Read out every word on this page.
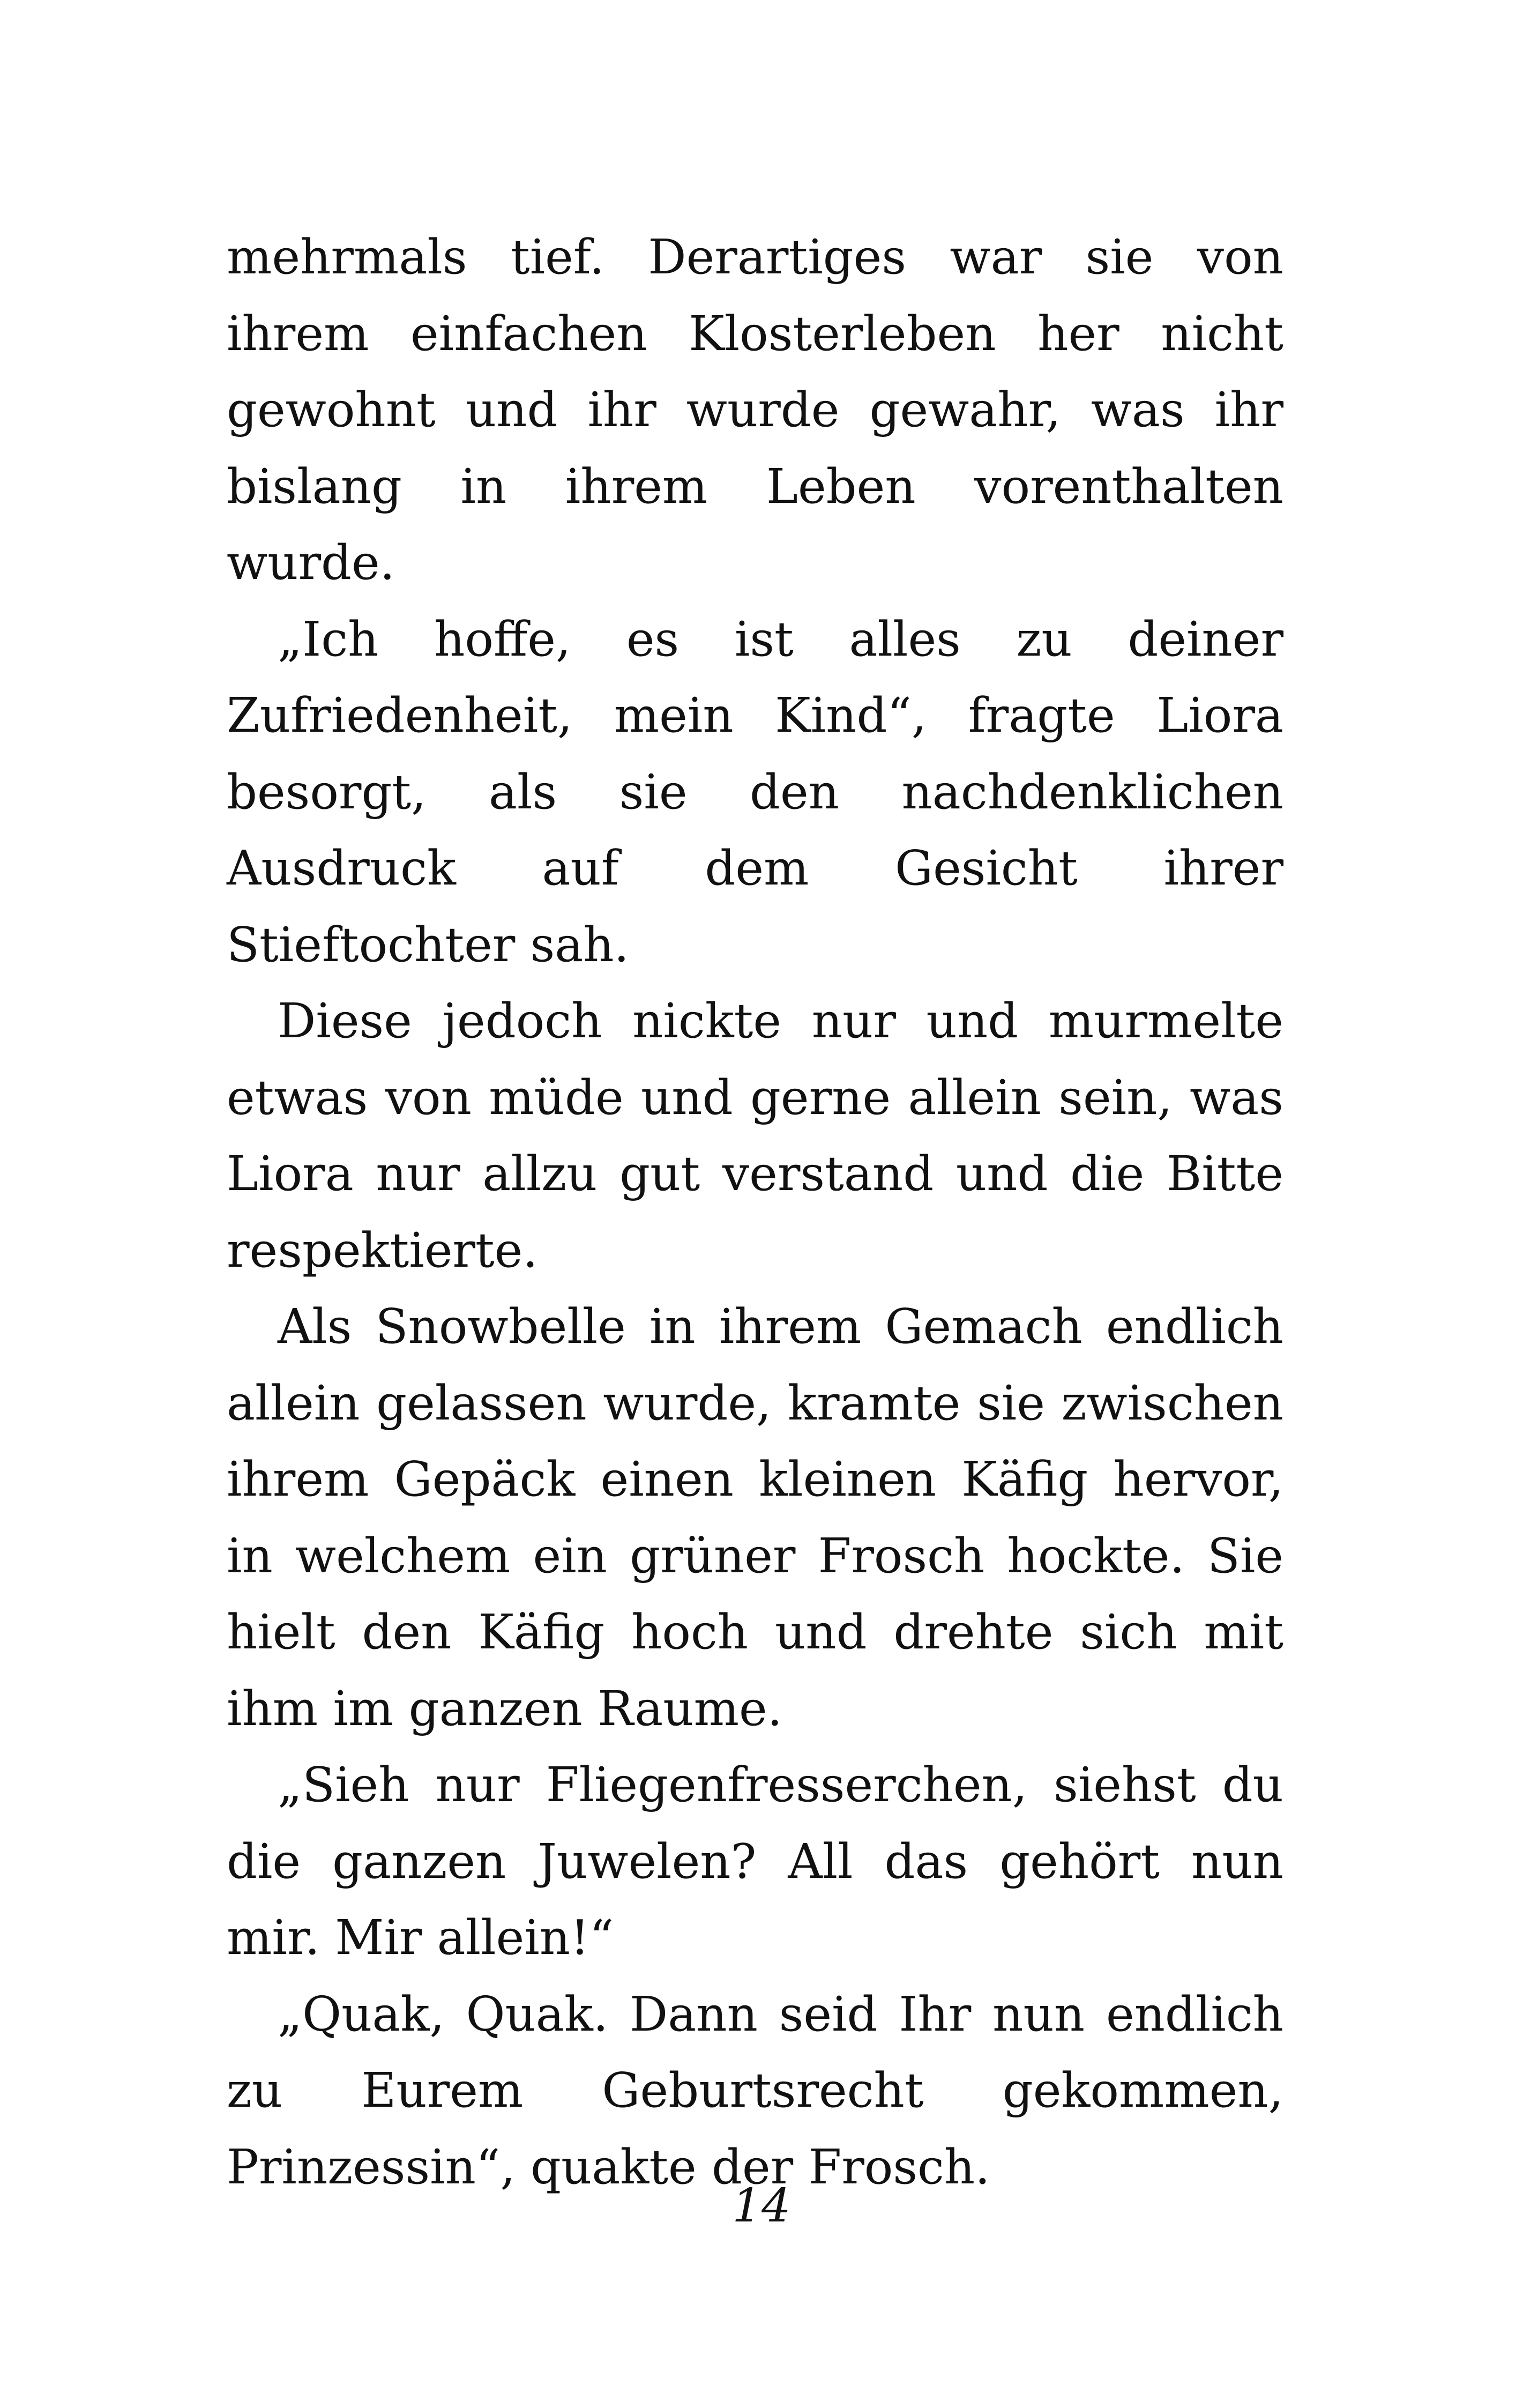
mehrmals tief. Derartiges war sie von ihrem einfachen Klosterleben her nicht gewohnt und ihr wurde gewahr, was ihr bislang in ihrem Leben vorenthalten wurde.

„Ich hoffe, es ist alles zu deiner Zufriedenheit, mein Kind“, fragte Liora besorgt, als sie den nachdenklichen Ausdruck auf dem Gesicht ihrer Stieftochter sah.

Diese jedoch nickte nur und murmelte etwas von müde und gerne allein sein, was Liora nur allzu gut verstand und die Bitte respektierte.

Als Snowbelle in ihrem Gemach endlich allein gelassen wurde, kramte sie zwischen ihrem Gepäck einen kleinen Käfig hervor, in welchem ein grüner Frosch hockte. Sie hielt den Käfig hoch und drehte sich mit ihm im ganzen Raume.

„Sieh nur Fliegenfresserchen, siehst du die ganzen Juwelen? All das gehört nun mir. Mir allein!“

„Quak, Quak. Dann seid Ihr nun endlich zu Eurem Geburtsrecht gekommen, Prinzessin“, quakte der Frosch.

14
